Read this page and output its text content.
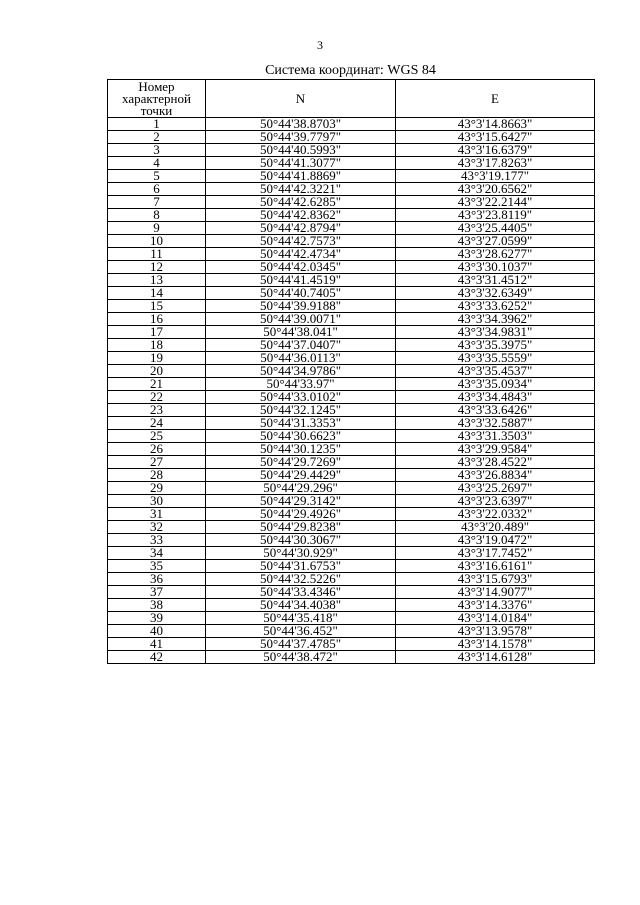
3
Система координат: WGS 84
Номер характерной точки	N	E
1	50°44'38.8703"	43°3'14.8663"
2	50°44'39.7797"	43°3'15.6427"
3	50°44'40.5993"	43°3'16.6379"
4	50°44'41.3077"	43°3'17.8263"
5	50°44'41.8869"	43°3'19.177"
6	50°44'42.3221"	43°3'20.6562"
7	50°44'42.6285"	43°3'22.2144"
8	50°44'42.8362"	43°3'23.8119"
9	50°44'42.8794"	43°3'25.4405"
10	50°44'42.7573"	43°3'27.0599"
11	50°44'42.4734"	43°3'28.6277"
12	50°44'42.0345"	43°3'30.1037"
13	50°44'41.4519"	43°3'31.4512"
14	50°44'40.7405"	43°3'32.6349"
15	50°44'39.9188"	43°3'33.6252"
16	50°44'39.0071"	43°3'34.3962"
17	50°44'38.041"	43°3'34.9831"
18	50°44'37.0407"	43°3'35.3975"
19	50°44'36.0113"	43°3'35.5559"
20	50°44'34.9786"	43°3'35.4537"
21	50°44'33.97"	43°3'35.0934"
22	50°44'33.0102"	43°3'34.4843"
23	50°44'32.1245"	43°3'33.6426"
24	50°44'31.3353"	43°3'32.5887"
25	50°44'30.6623"	43°3'31.3503"
26	50°44'30.1235"	43°3'29.9584"
27	50°44'29.7269"	43°3'28.4522"
28	50°44'29.4429"	43°3'26.8834"
29	50°44'29.296"	43°3'25.2697"
30	50°44'29.3142"	43°3'23.6397"
31	50°44'29.4926"	43°3'22.0332"
32	50°44'29.8238"	43°3'20.489"
33	50°44'30.3067"	43°3'19.0472"
34	50°44'30.929"	43°3'17.7452"
35	50°44'31.6753"	43°3'16.6161"
36	50°44'32.5226"	43°3'15.6793"
37	50°44'33.4346"	43°3'14.9077"
38	50°44'34.4038"	43°3'14.3376"
39	50°44'35.418"	43°3'14.0184"
40	50°44'36.452"	43°3'13.9578"
41	50°44'37.4785"	43°3'14.1578"
42	50°44'38.472"	43°3'14.6128"
